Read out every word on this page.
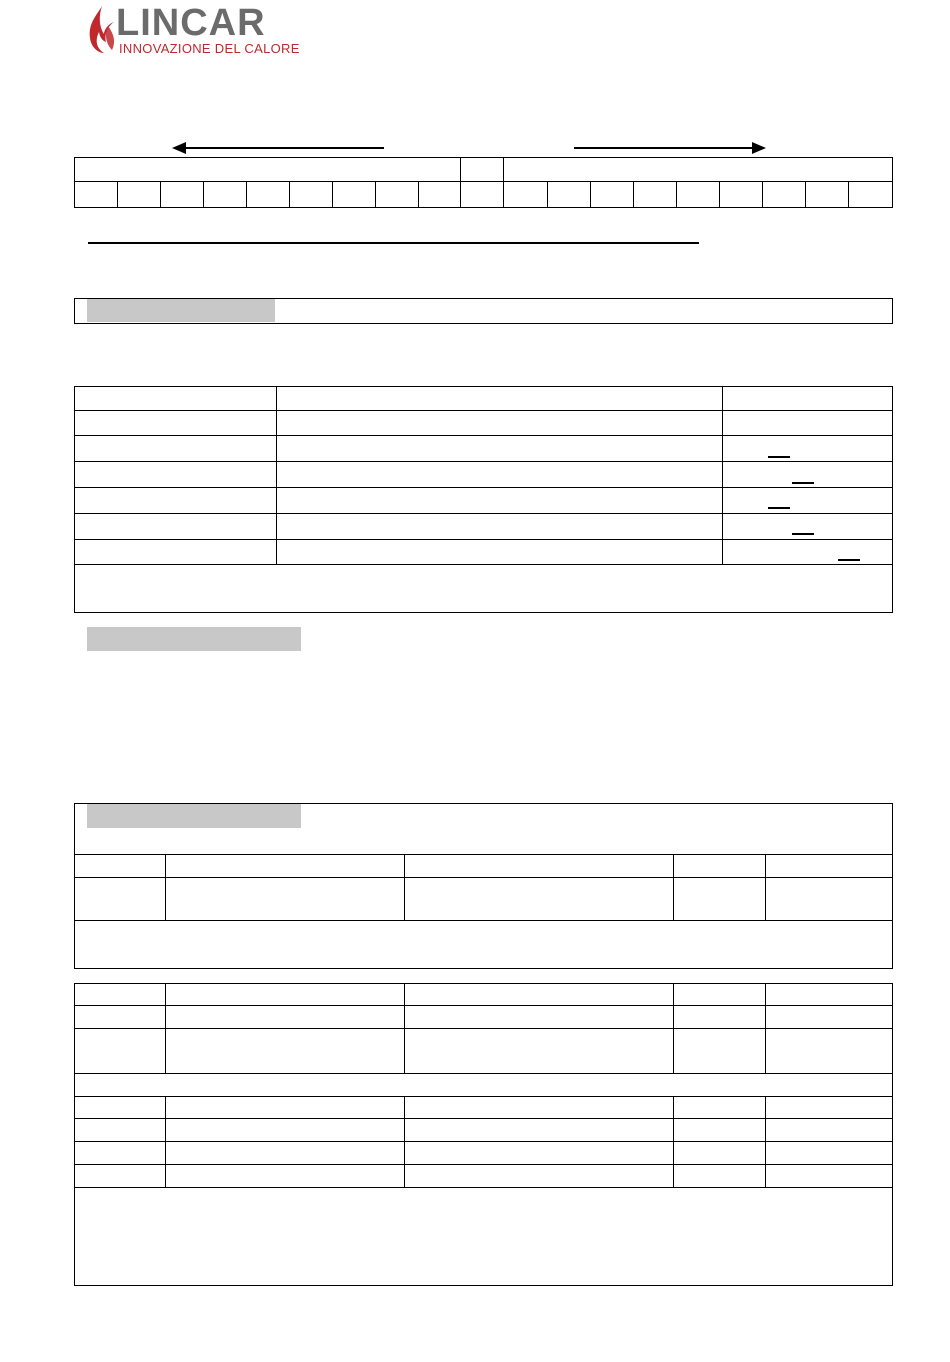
LINCAR
INNOVAZIONE DEL CALORE
